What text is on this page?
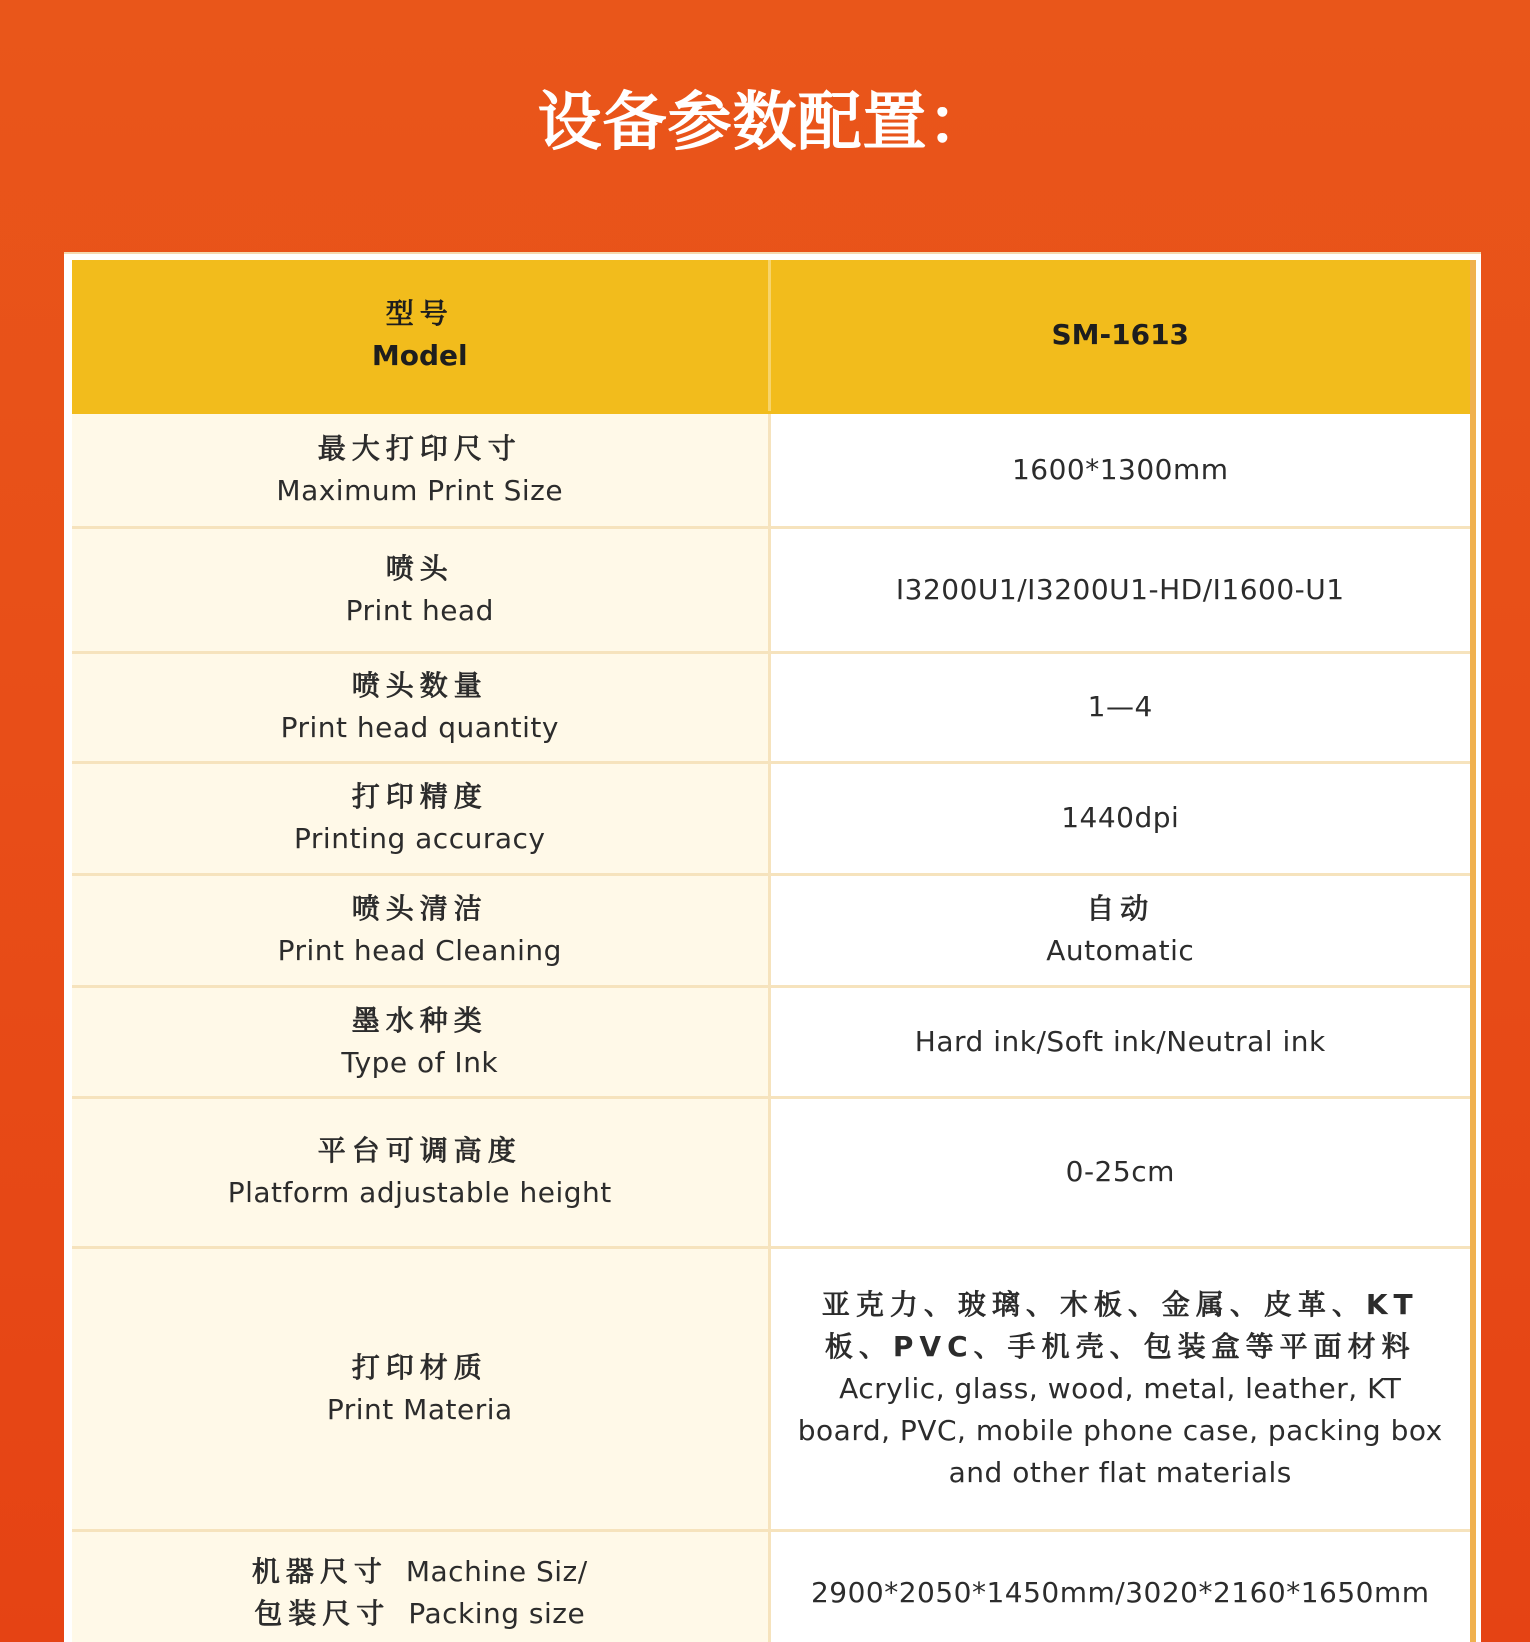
设备参数配置：
型号
Model	SM-1613

最大打印尺寸
Maximum Print Size	1600*1300mm

喷头
Print head	I3200U1/I3200U1-HD/I1600-U1

喷头数量
Print head quantity	1—4

打印精度
Printing accuracy	1440dpi

喷头清洁
Print head Cleaning	自动
Automatic

墨水种类
Type of Ink	Hard ink/Soft ink/Neutral ink

平台可调高度
Platform adjustable height	0-25cm

打印材质
Print Materia	亚克力、玻璃、木板、金属、皮革、KT
板、PVC、手机壳、包装盒等平面材料
Acrylic, glass, wood, metal, leather, KT
board, PVC, mobile phone case, packing box
and other flat materials

机器尺寸 Machine Siz/
包装尺寸 Packing size	2900*2050*1450mm/3020*2160*1650mm
